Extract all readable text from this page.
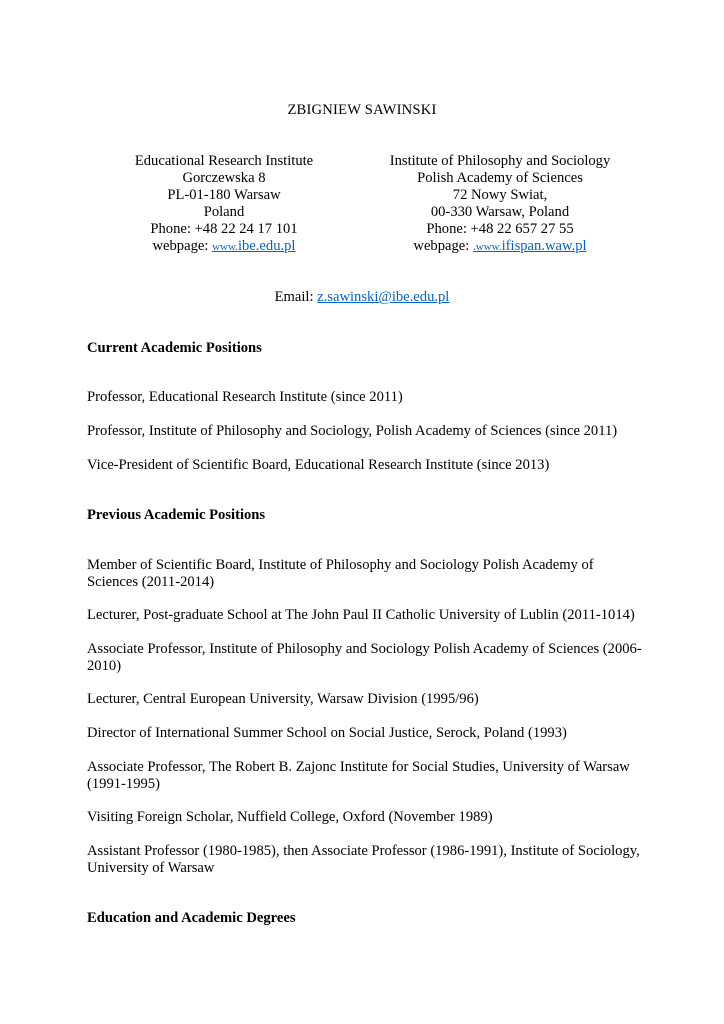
ZBIGNIEW SAWINSKI
Educational Research Institute
Gorczewska 8
PL-01-180 Warsaw
Poland
Phone: +48 22 24 17 101
webpage: www.ibe.edu.pl
Institute of Philosophy and Sociology
Polish Academy of Sciences
72 Nowy Swiat,
00-330 Warsaw, Poland
Phone: +48 22 657 27 55
webpage: .www.ifispan.waw.pl
Email: z.sawinski@ibe.edu.pl
Current Academic Positions
Professor, Educational Research Institute (since 2011)
Professor, Institute of Philosophy and Sociology, Polish Academy of Sciences (since 2011)
Vice-President of Scientific Board, Educational Research Institute (since 2013)
Previous Academic Positions
Member of Scientific Board, Institute of Philosophy and Sociology Polish Academy of Sciences (2011-2014)
Lecturer, Post-graduate School at The John Paul II Catholic University of Lublin (2011-1014)
Associate Professor, Institute of Philosophy and Sociology Polish Academy of Sciences (2006-2010)
Lecturer, Central European University, Warsaw Division (1995/96)
Director of International Summer School on Social Justice, Serock, Poland (1993)
Associate Professor, The Robert B. Zajonc Institute for Social Studies, University of Warsaw (1991-1995)
Visiting Foreign Scholar, Nuffield College, Oxford (November 1989)
Assistant Professor (1980-1985), then Associate Professor (1986-1991), Institute of Sociology, University of Warsaw
Education and Academic Degrees
